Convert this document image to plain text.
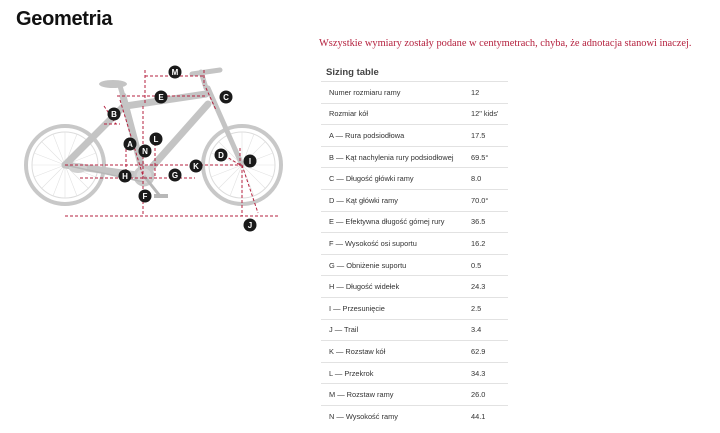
Geometria

Wszystkie wymiary zostały podane w centymetrach, chyba, że adnotacja stanowi inaczej.

M
E	C
B
L
A
N	D
I
K
H	G
F
J
Sizing table
Numer rozmiaru ramy	12
Rozmiar kół	12" kids'
A — Rura podsiodłowa	17.5
B — Kąt nachylenia rury podsiodłowej	69.5°
C — Długość główki ramy	8.0
D — Kąt główki ramy	70.0°
E — Efektywna długość górnej rury	36.5
F — Wysokość osi suportu	16.2
G — Obniżenie suportu	0.5
H — Długość widełek	24.3
I — Przesunięcie	2.5
J — Trail	3.4
K — Rozstaw kół	62.9
L — Przekrok	34.3
M — Rozstaw ramy	26.0
N — Wysokość ramy	44.1
